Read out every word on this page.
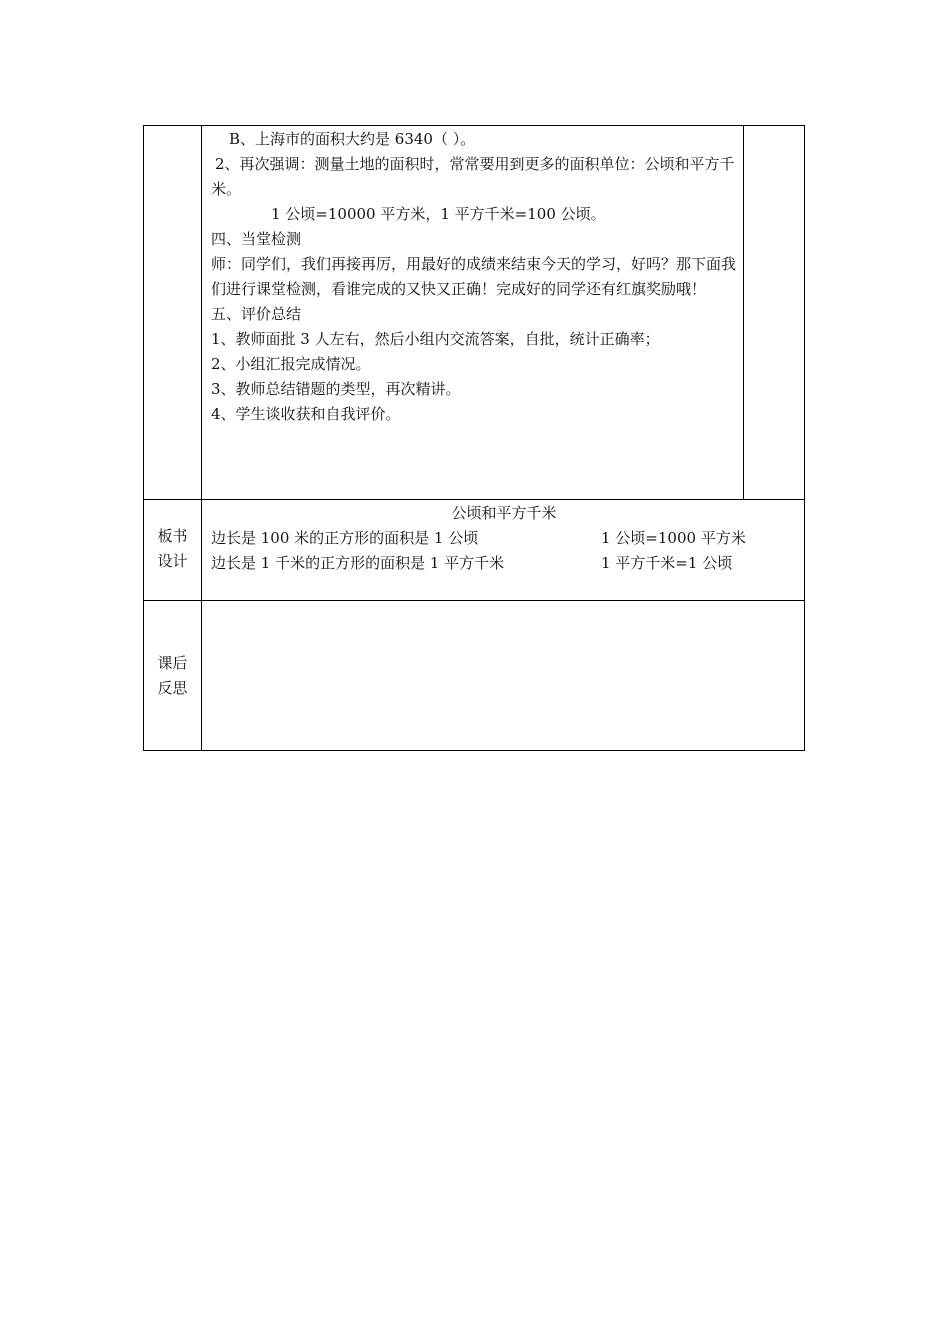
B、上海市的面积大约是 6340（ ）。
2、再次强调：测量土地的面积时，常常要用到更多的面积单位：公顷和平方千米。
1 公顷=10000 平方米，1 平方千米=100 公顷。
四、当堂检测
师：同学们，我们再接再厉，用最好的成绩来结束今天的学习，好吗？那下面我们进行课堂检测，看谁完成的又快又正确！完成好的同学还有红旗奖励哦！
五、评价总结
1、教师面批 3 人左右，然后小组内交流答案，自批，统计正确率；
2、小组汇报完成情况。
3、教师总结错题的类型，再次精讲。
4、学生谈收获和自我评价。
板书
设计
公顷和平方千米
边长是 100 米的正方形的面积是 1 公顷
边长是 1 千米的正方形的面积是 1 平方千米
1 公顷=1000 平方米
1 平方千米=1 公顷
课后
反思
